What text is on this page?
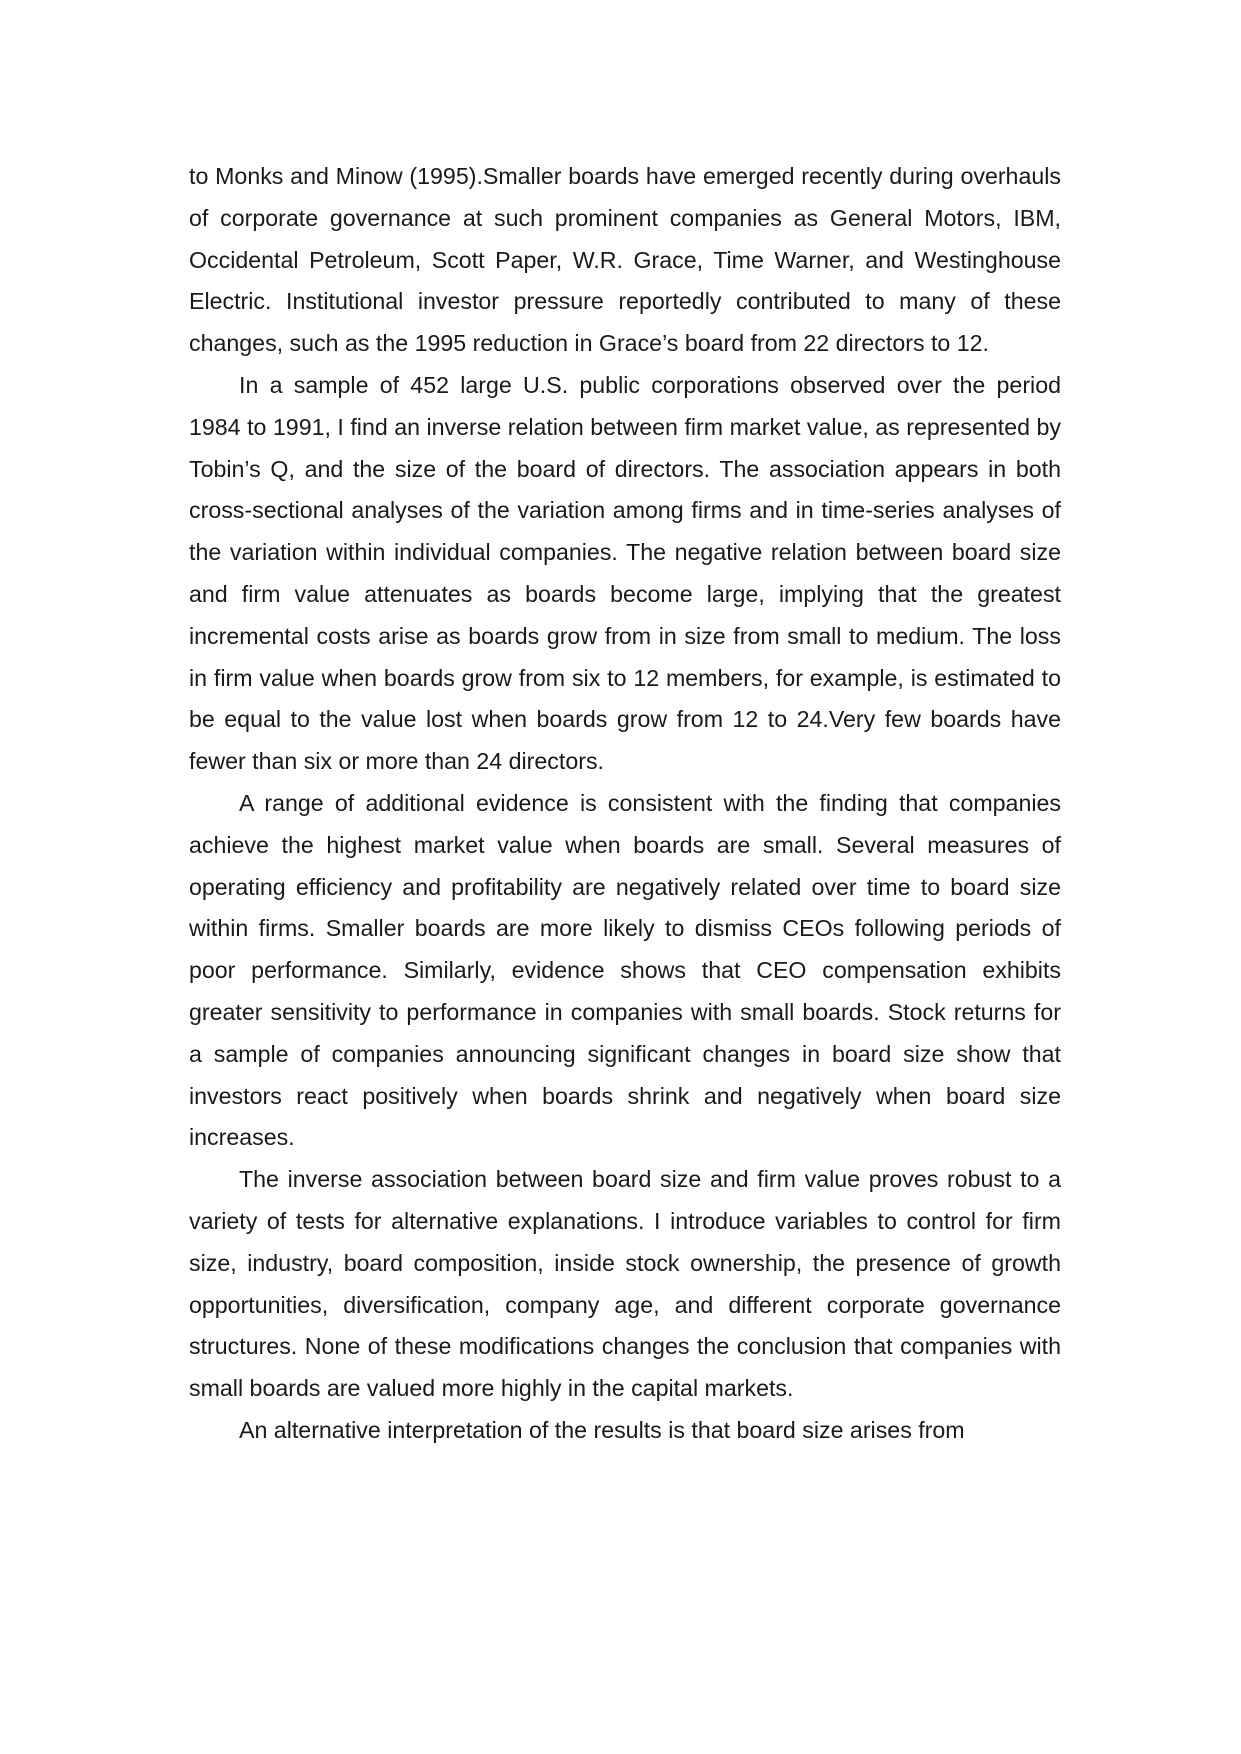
to Monks and Minow (1995).Smaller boards have emerged recently during overhauls of corporate governance at such prominent companies as General Motors, IBM, Occidental Petroleum, Scott Paper, W.R. Grace, Time Warner, and Westinghouse Electric. Institutional investor pressure reportedly contributed to many of these changes, such as the 1995 reduction in Grace’s board from 22 directors to 12.

In a sample of 452 large U.S. public corporations observed over the period 1984 to 1991, I find an inverse relation between firm market value, as represented by Tobin’s Q, and the size of the board of directors. The association appears in both cross-sectional analyses of the variation among firms and in time-series analyses of the variation within individual companies. The negative relation between board size and firm value attenuates as boards become large, implying that the greatest incremental costs arise as boards grow from in size from small to medium. The loss in firm value when boards grow from six to 12 members, for example, is estimated to be equal to the value lost when boards grow from 12 to 24.Very few boards have fewer than six or more than 24 directors.

A range of additional evidence is consistent with the finding that companies achieve the highest market value when boards are small. Several measures of operating efficiency and profitability are negatively related over time to board size within firms. Smaller boards are more likely to dismiss CEOs following periods of poor performance. Similarly, evidence shows that CEO compensation exhibits greater sensitivity to performance in companies with small boards. Stock returns for a sample of companies announcing significant changes in board size show that investors react positively when boards shrink and negatively when board size increases.

The inverse association between board size and firm value proves robust to a variety of tests for alternative explanations. I introduce variables to control for firm size, industry, board composition, inside stock ownership, the presence of growth opportunities, diversification, company age, and different corporate governance structures. None of these modifications changes the conclusion that companies with small boards are valued more highly in the capital markets.

An alternative interpretation of the results is that board size arises from
